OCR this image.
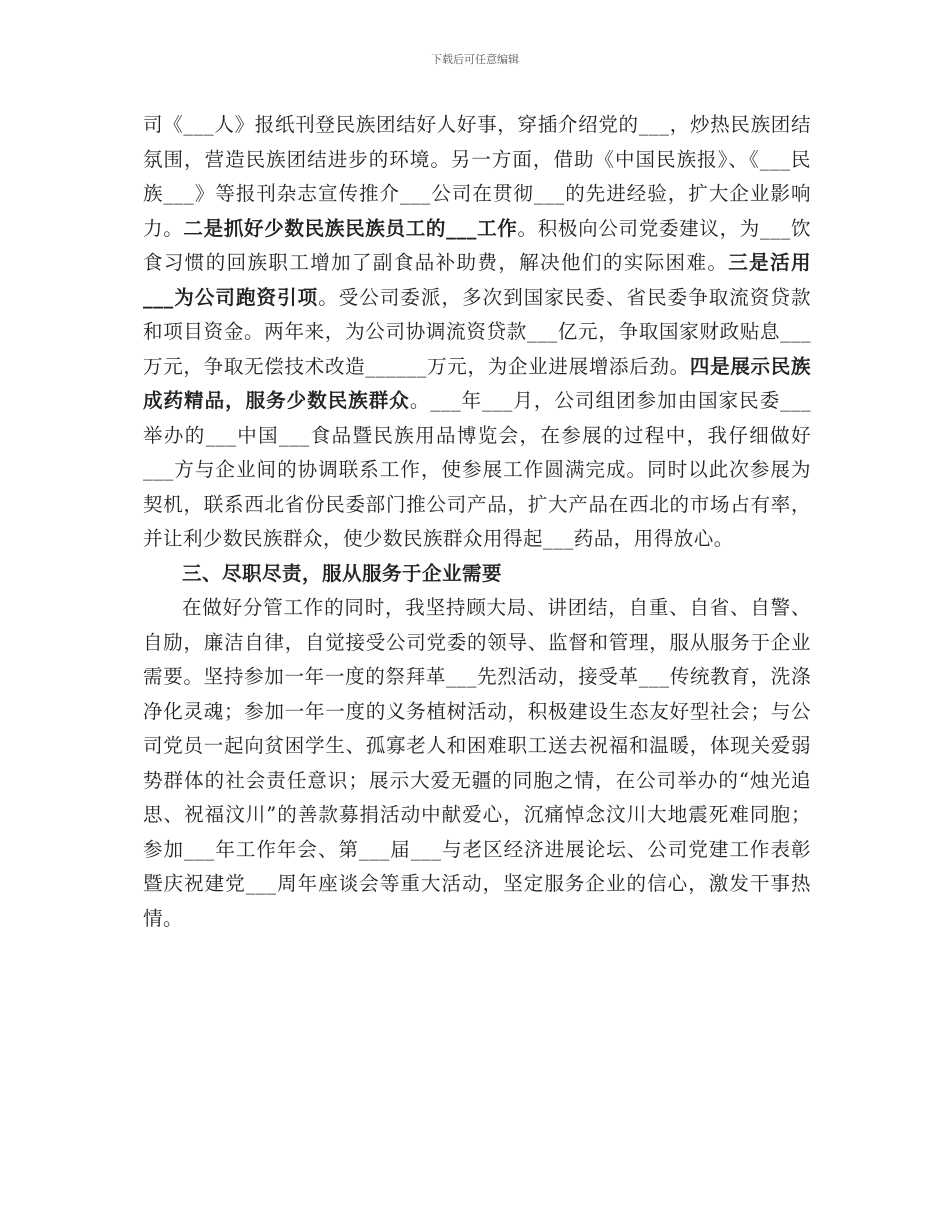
下载后可任意编辑

司《___人》报纸刊登民族团结好人好事，穿插介绍党的___，炒热民族团结氛围，营造民族团结进步的环境。另一方面，借助《中国民族报》、《___民族___》等报刊杂志宣传推介___公司在贯彻___的先进经验，扩大企业影响力。二是抓好少数民族民族员工的___工作。积极向公司党委建议，为___饮食习惯的回族职工增加了副食品补助费，解决他们的实际困难。三是活用___为公司跑资引项。受公司委派，多次到国家民委、省民委争取流资贷款和项目资金。两年来，为公司协调流资贷款___亿元，争取国家财政贴息___万元，争取无偿技术改造______万元，为企业进展增添后劲。四是展示民族成药精品，服务少数民族群众。___年___月，公司组团参加由国家民委___举办的___中国___食品暨民族用品博览会，在参展的过程中，我仔细做好___方与企业间的协调联系工作，使参展工作圆满完成。同时以此次参展为契机，联系西北省份民委部门推公司产品，扩大产品在西北的市场占有率，并让利少数民族群众，使少数民族群众用得起___药品，用得放心。

三、尽职尽责，服从服务于企业需要

在做好分管工作的同时，我坚持顾大局、讲团结，自重、自省、自警、自励，廉洁自律，自觉接受公司党委的领导、监督和管理，服从服务于企业需要。坚持参加一年一度的祭拜革___先烈活动，接受革___传统教育，洗涤净化灵魂；参加一年一度的义务植树活动，积极建设生态友好型社会；与公司党员一起向贫困学生、孤寡老人和困难职工送去祝福和温暖，体现关爱弱势群体的社会责任意识；展示大爱无疆的同胞之情，在公司举办的“烛光追思、祝福汶川”的善款募捐活动中献爱心，沉痛悼念汶川大地震死难同胞；参加___年工作年会、第___届___与老区经济进展论坛、公司党建工作表彰暨庆祝建党___周年座谈会等重大活动，坚定服务企业的信心，激发干事热情。
